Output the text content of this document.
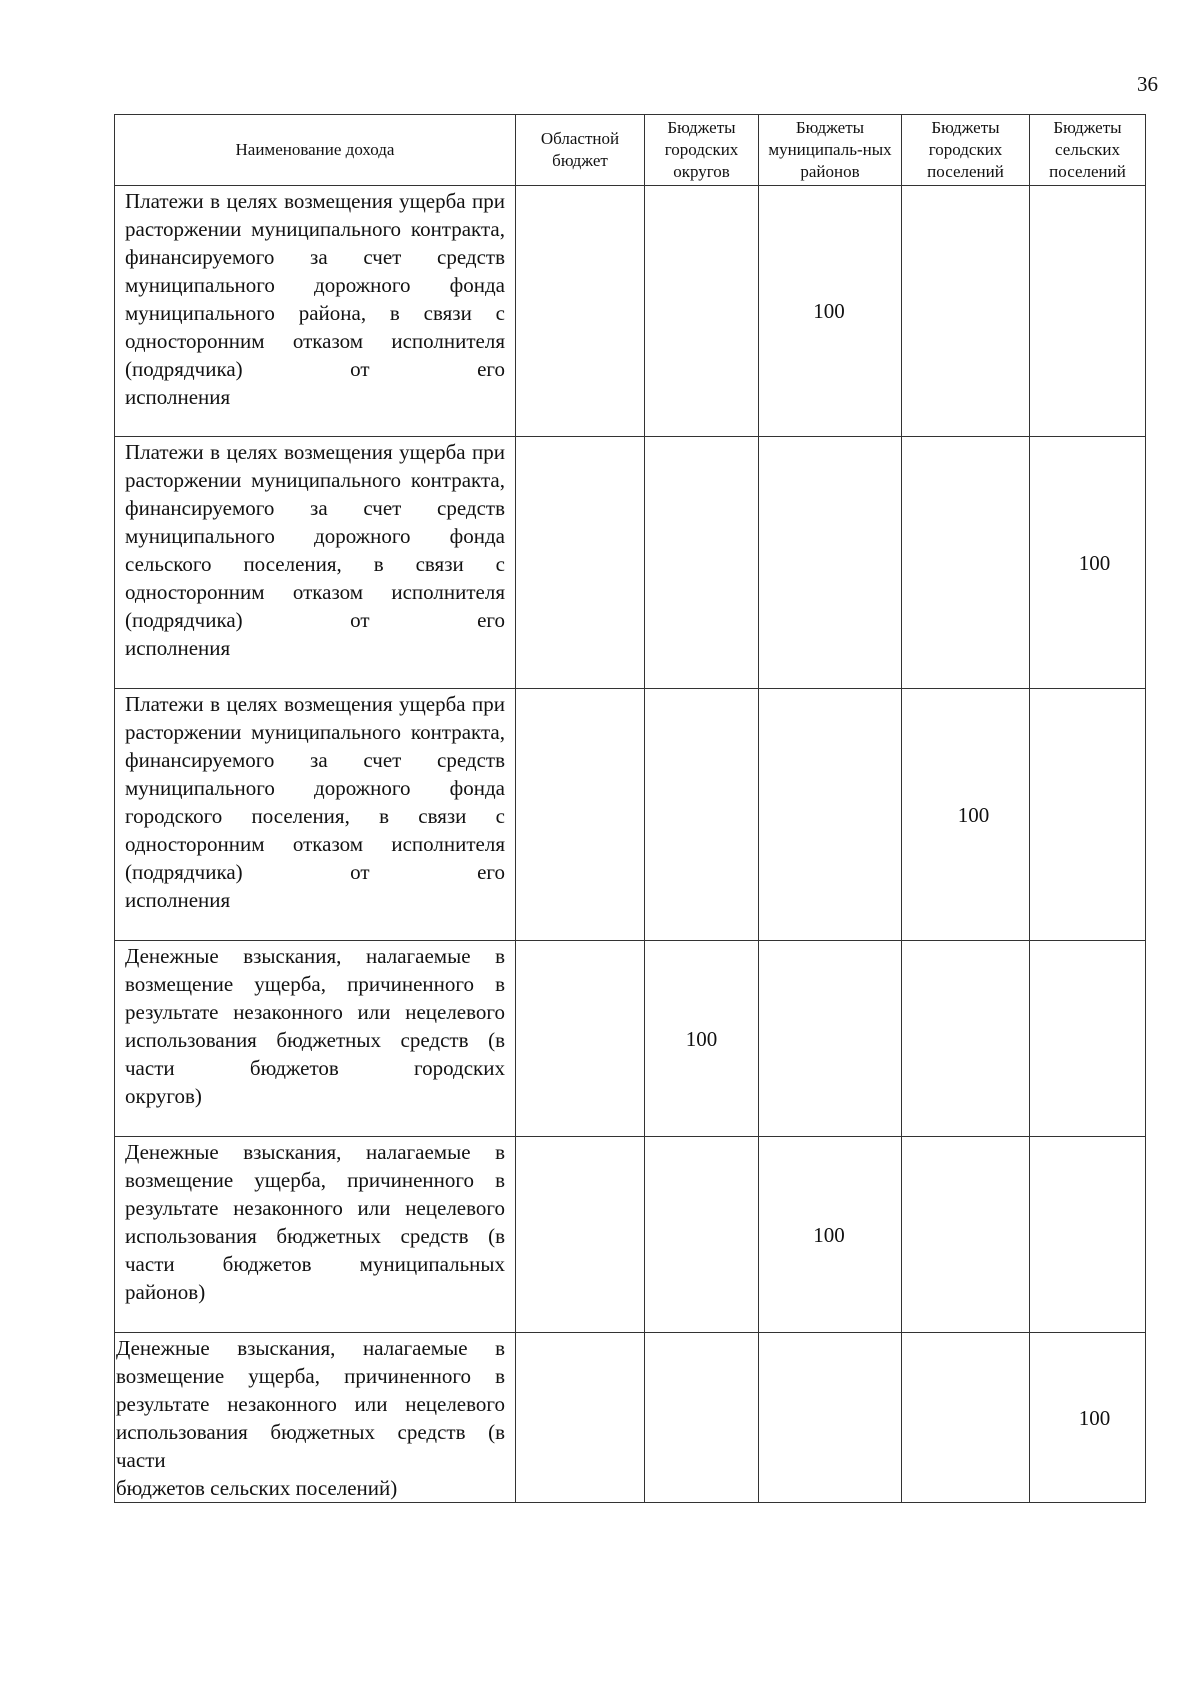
36
Наименование дохода	Областной бюджет	Бюджеты городских округов	Бюджеты муниципаль-ных районов	Бюджеты городских поселений	Бюджеты сельских поселений

Платежи в целях возмещения ущерба при расторжении муниципального контракта, финансируемого за счет средств муниципального дорожного фонда муниципального района, в связи с односторонним отказом исполнителя (подрядчика) от его
исполнения			100		

Платежи в целях возмещения ущерба при расторжении муниципального контракта, финансируемого за счет средств муниципального дорожного фонда сельского поселения, в связи с односторонним отказом исполнителя (подрядчика) от его
исполнения					100

Платежи в целях возмещения ущерба при расторжении муниципального контракта, финансируемого за счет средств муниципального дорожного фонда городского поселения, в связи с односторонним отказом исполнителя (подрядчика) от его
исполнения				100	

Денежные взыскания, налагаемые в возмещение ущерба, причиненного в результате незаконного или нецелевого использования бюджетных средств (в части бюджетов городских
округов)		100			

Денежные взыскания, налагаемые в возмещение ущерба, причиненного в результате незаконного или нецелевого использования бюджетных средств (в части бюджетов муниципальных
районов)			100		

Денежные взыскания, налагаемые в возмещение ущерба, причиненного в результате незаконного или нецелевого использования бюджетных средств (в части
бюджетов сельских поселений)					100
